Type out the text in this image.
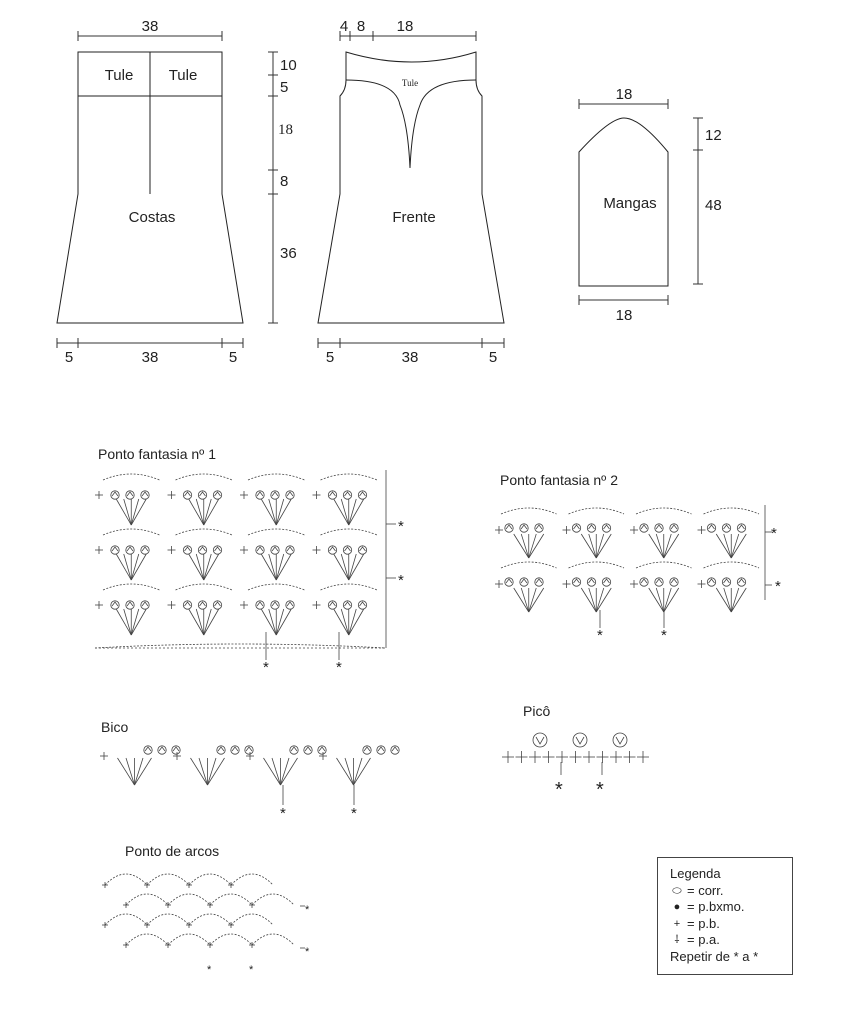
38
Tule Tule
Costas
5	38	5
10
5
18
8
36
Tule
Frente
4 8 18
5	38	5
Mangas
18
18
12
48
Ponto fantasia nº 1
Ponto fantasia nº 2
Bico
Picô
Ponto de arcos
*
*
*	*
*
*
*	*
*	*
* *
*
*
*	*
Legenda
⬭ = corr.
● = p.bxmo.
+ = p.b.
⸸ = p.a.
Repetir de * a *
